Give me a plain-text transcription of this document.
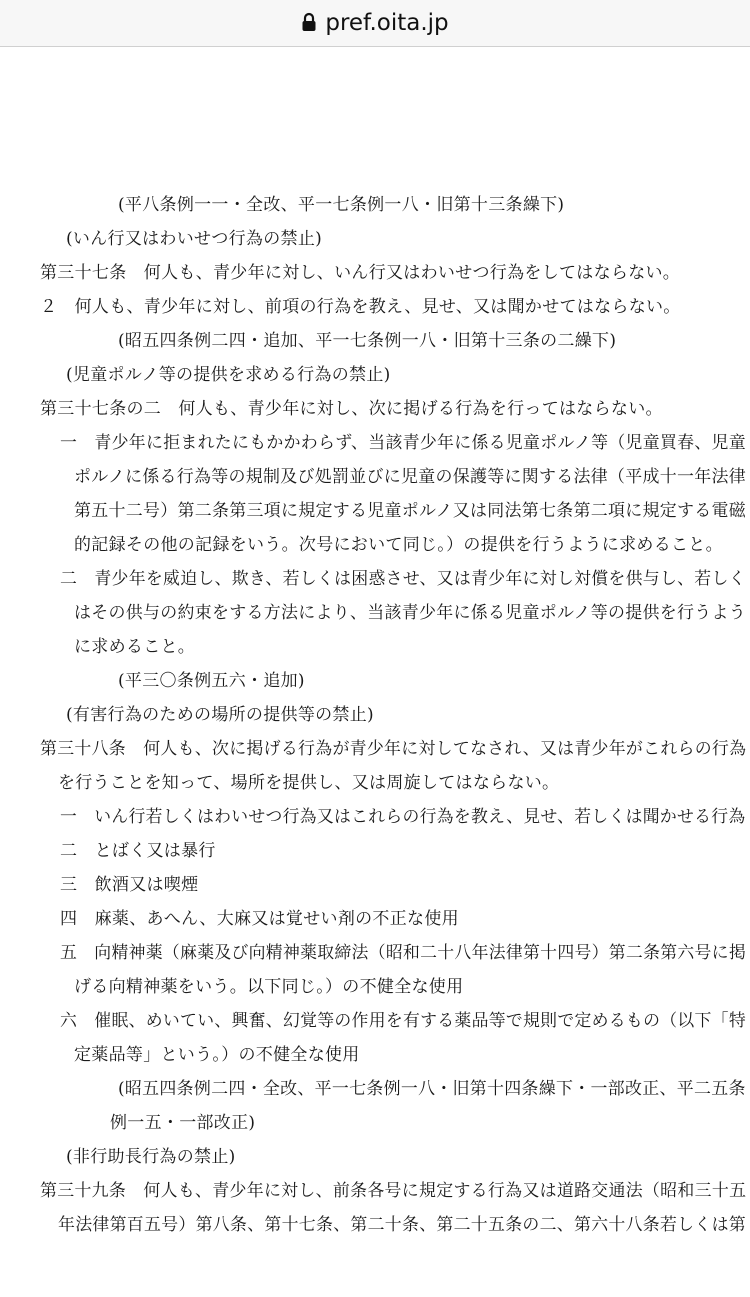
pref.oita.jp
(平八条例一一・全改、平一七条例一八・旧第十三条繰下)
(いん行又はわいせつ行為の禁止)
第三十七条　何人も、青少年に対し、いん行又はわいせつ行為をしてはならない。
２　何人も、青少年に対し、前項の行為を教え、見せ、又は聞かせてはならない。
(昭五四条例二四・追加、平一七条例一八・旧第十三条の二繰下)
(児童ポルノ等の提供を求める行為の禁止)
第三十七条の二　何人も、青少年に対し、次に掲げる行為を行ってはならない。
一　青少年に拒まれたにもかかわらず、当該青少年に係る児童ポルノ等（児童買春、児童
ポルノに係る行為等の規制及び処罰並びに児童の保護等に関する法律（平成十一年法律
第五十二号）第二条第三項に規定する児童ポルノ又は同法第七条第二項に規定する電磁
的記録その他の記録をいう。次号において同じ。）の提供を行うように求めること。
二　青少年を威迫し、欺き、若しくは困惑させ、又は青少年に対し対償を供与し、若しく
はその供与の約束をする方法により、当該青少年に係る児童ポルノ等の提供を行うよう
に求めること。
(平三〇条例五六・追加)
(有害行為のための場所の提供等の禁止)
第三十八条　何人も、次に掲げる行為が青少年に対してなされ、又は青少年がこれらの行為
を行うことを知って、場所を提供し、又は周旋してはならない。
一　いん行若しくはわいせつ行為又はこれらの行為を教え、見せ、若しくは聞かせる行為
二　とばく又は暴行
三　飲酒又は喫煙
四　麻薬、あへん、大麻又は覚せい剤の不正な使用
五　向精神薬（麻薬及び向精神薬取締法（昭和二十八年法律第十四号）第二条第六号に掲
げる向精神薬をいう。以下同じ。）の不健全な使用
六　催眠、めいてい、興奮、幻覚等の作用を有する薬品等で規則で定めるもの（以下「特
定薬品等」という。）の不健全な使用
(昭五四条例二四・全改、平一七条例一八・旧第十四条繰下・一部改正、平二五条
例一五・一部改正)
(非行助長行為の禁止)
第三十九条　何人も、青少年に対し、前条各号に規定する行為又は道路交通法（昭和三十五
年法律第百五号）第八条、第十七条、第二十条、第二十五条の二、第六十八条若しくは第
